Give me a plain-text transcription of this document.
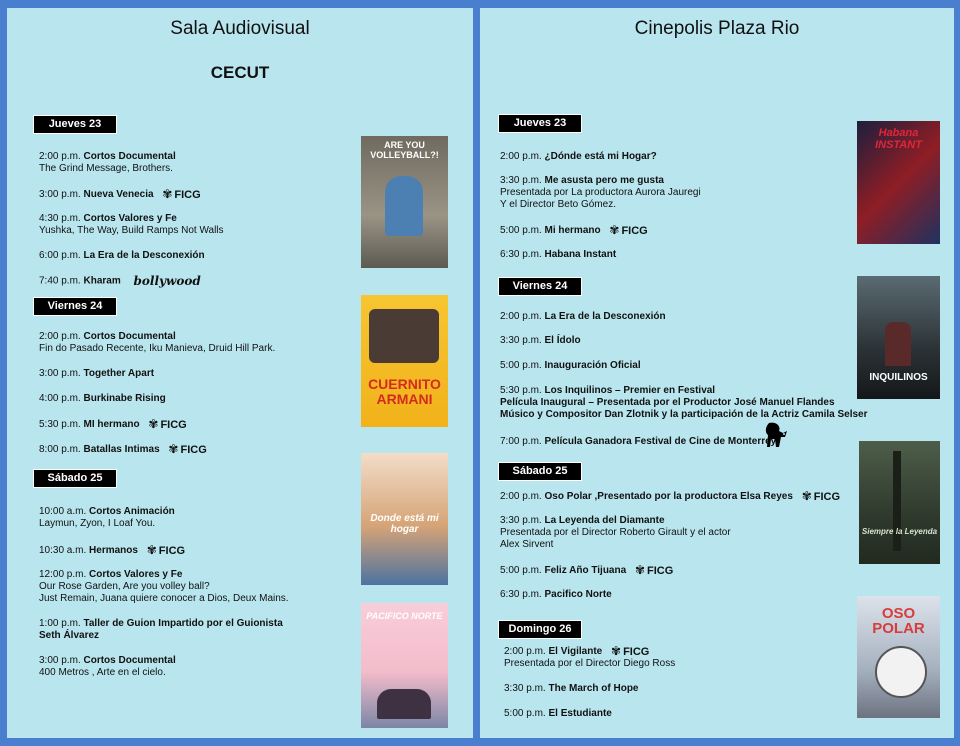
Sala Audiovisual
CECUT
Jueves 23
Viernes 24
Sábado 25
2:00 p.m. Cortos Documental
The Grind Message, Brothers.
3:00 p.m. Nueva Venecia ✾ FICG
4:30 p.m. Cortos Valores y Fe
Yushka, The Way, Build Ramps Not Walls
6:00 p.m. La Era de la Desconexión
7:40 p.m. Kharam bollywood
2:00 p.m. Cortos Documental
Fin do Pasado Recente, Iku Manieva, Druid Hill Park.
3:00 p.m. Together Apart
4:00 p.m. Burkinabe Rising
5:30 p.m. MI hermano ✾ FICG
8:00 p.m. Batallas Intimas ✾ FICG
10:00 a.m. Cortos Animación
Laymun, Zyon, I Loaf You.
10:30 a.m. Hermanos ✾ FICG
12:00 p.m. Cortos Valores y Fe
Our Rose Garden, Are you volley ball?
Just Remain, Juana quiere conocer a Dios, Deux Mains.
1:00 p.m. Taller de Guion Impartido por el Guionista
Seth Álvarez
3:00 p.m. Cortos Documental
400 Metros , Arte en el cielo.
ARE YOU VOLLEYBALL?!
CUERNITO ARMANI
Donde está mi hogar
PACIFICO NORTE
Cinepolis Plaza Rio
Jueves 23
Viernes 24
Sábado 25
Domingo 26
2:00 p.m. ¿Dónde está mi Hogar?
3:30 p.m. Me asusta pero me gusta
Presentada por La productora Aurora Jauregi
Y el Director Beto Gómez.
5:00 p.m. Mi hermano ✾ FICG
6:30 p.m. Habana Instant
2:00 p.m. La Era de la Desconexión
3:30 p.m. El Ídolo
5:00 p.m. Inauguración Oficial
5:30 p.m. Los Inquilinos – Premier en Festival
Película Inaugural – Presentada por el Productor José Manuel Flandes
Músico y Compositor Dan Zlotnik y la participación de la Actriz Camila Selser
7:00 p.m. Película Ganadora Festival de Cine de Monterrey
2:00 p.m. Oso Polar ,Presentado por la productora Elsa Reyes ✾ FICG
3:30 p.m. La Leyenda del Diamante
Presentada por el Director Roberto Girault y el actor
Alex Sirvent
5:00 p.m. Feliz Año Tijuana ✾ FICG
6:30 p.m. Pacifico Norte
2:00 p.m. El Vigilante ✾ FICG
Presentada por el Director Diego Ross
3:30 p.m. The March of Hope
5:00 p.m. El Estudiante
Habana INSTANT
INQUILINOS
Siempre la Leyenda
OSO POLAR
